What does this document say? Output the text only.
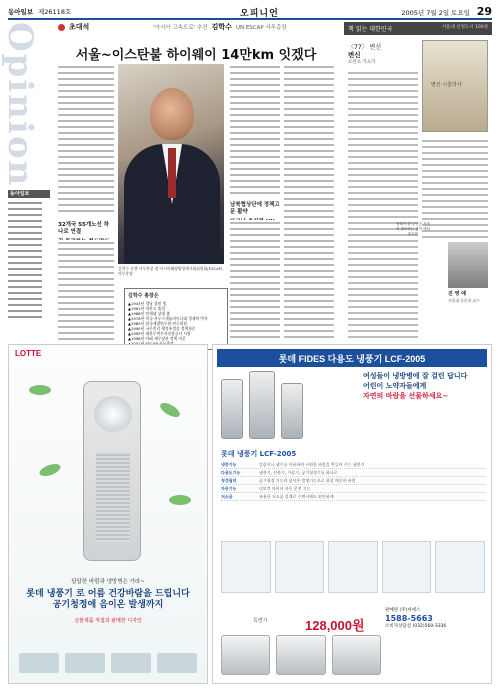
동아일보 제26118호	오피니언	2005년 7월 2일 토요일 29
Opinion
동아일보
초대석	'아시아 고속도로' 추진 김학수 UN ESCAP 사무총장
서울~이스탄불 하이웨이 14만km 잇겠다
32개국 55개노선 하나로 연결
김학수 유엔 사무차장 겸 아시아태평양경제사회위원회(ESCAP) 사무총장
남북협상단에 정책고문 활약
김학수 총장은
▲1943년 경남 창원 생
▲1961년 마산고 졸업
▲1968년 연세대 상대 졸
▲1976년 미국 사우스캐롤라이나대 경제학 박사
▲1985년 한국개발연구원 연구위원
▲1990년 국무총리 행정조정실 정책자문
▲1995년 대한무역투자진흥공사 사장
▲1998년 아태 재무장관 정책 자문
책 읽는 대한민국	서울대 선정도서 100권
〈77〉 변신
변신
프란츠 카프카
변신·시골의사
벌레가 된 주인공 가족의 변모하는 삶이 애처롭기만
진 영 애
서울대 독문과 교수
LOTTE
답답한 바람과 냉방병은 가라~
롯데 냉풍기 로 어름 건강바람을 드립니다
공기청정에 음이온 발생까지
실물제품 직접과 판매한 디자인
롯데 FIDES 다용도 냉풍기 LCF-2005
여성들이 냉방병에 잘 걸린 답니다
어린이 노약자들에게
자연의 바람을 선물하세요~
롯데 냉풍기 LCF-2005
냉풍기능	얼음이나 냉수를 이용하여 시원한 바람을 만들어 주는 냉풍기
다용도기능	냉풍기, 선풍기, 가습기, 공기청정기를 하나로
청정필터	공기청정 기능과 음이온 발생기능으로 항상 깨끗한 바람
자동기능	리모컨 타이머 자동 운전 기능
저소음	조용한 저소음 설계로 수면시에도 편안하게
특별가	128,000원
판매원 (주)씨에스
1588-5663
소비자상담실 (032)560-3336
